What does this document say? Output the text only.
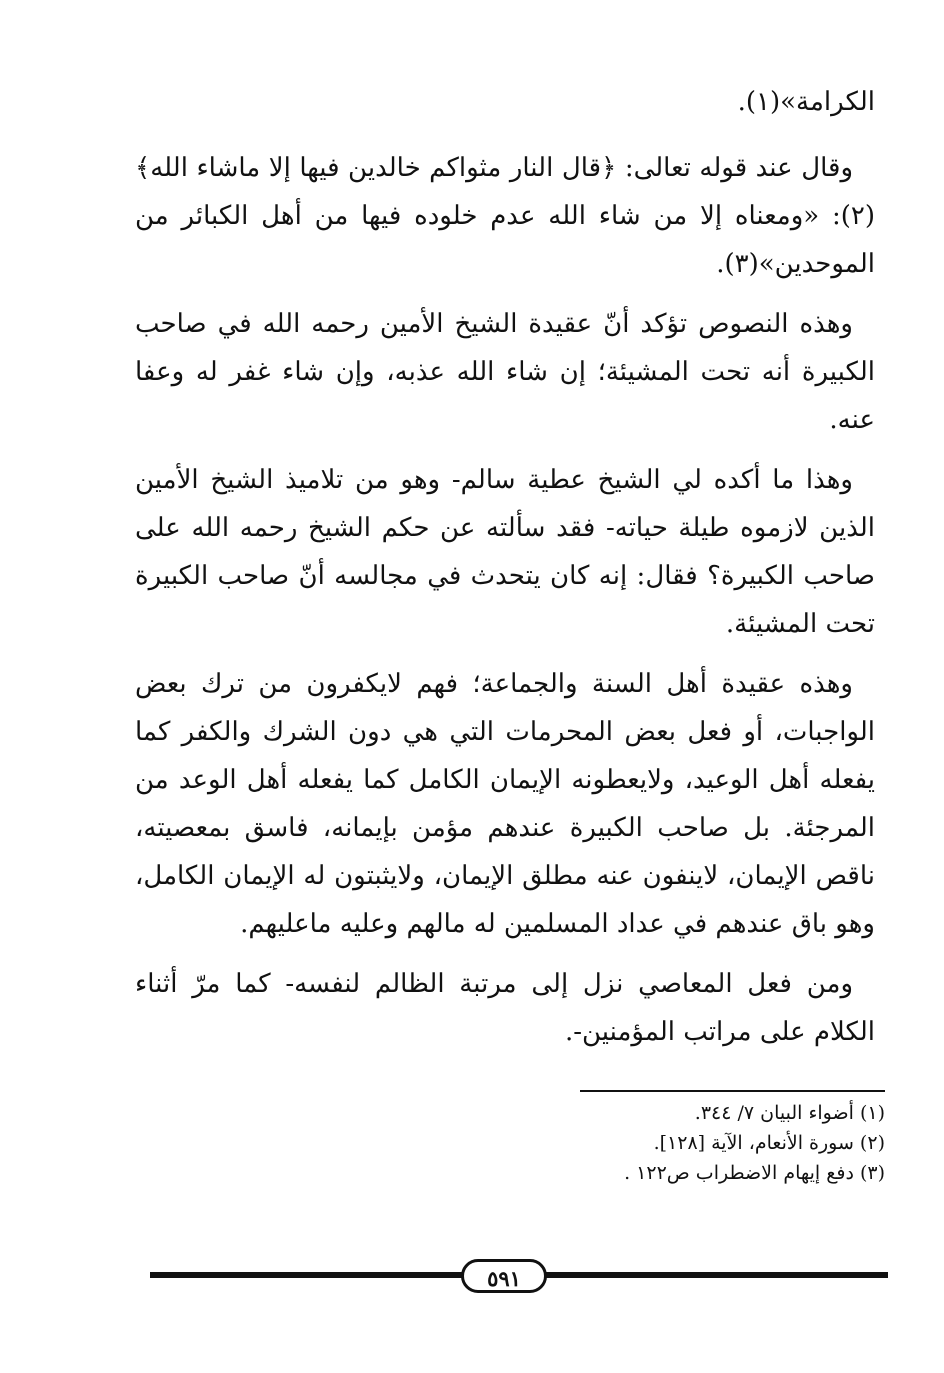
الكرامة»(١).

وقال عند قوله تعالى: ﴿قال النار مثواكم خالدين فيها إلا ماشاء الله﴾(٢): «ومعناه إلا من شاء الله عدم خلوده فيها من أهل الكبائر من الموحدين»(٣).

وهذه النصوص تؤكد أنّ عقيدة الشيخ الأمين رحمه الله في صاحب الكبيرة أنه تحت المشيئة؛ إن شاء الله عذبه، وإن شاء غفر له وعفا عنه.

وهذا ما أكده لي الشيخ عطية سالم- وهو من تلاميذ الشيخ الأمين الذين لازموه طيلة حياته- فقد سألته عن حكم الشيخ رحمه الله على صاحب الكبيرة؟ فقال: إنه كان يتحدث في مجالسه أنّ صاحب الكبيرة تحت المشيئة.

وهذه عقيدة أهل السنة والجماعة؛ فهم لايكفرون من ترك بعض الواجبات، أو فعل بعض المحرمات التي هي دون الشرك والكفر كما يفعله أهل الوعيد، ولايعطونه الإيمان الكامل كما يفعله أهل الوعد من المرجئة. بل صاحب الكبيرة عندهم مؤمن بإيمانه، فاسق بمعصيته، ناقص الإيمان، لاينفون عنه مطلق الإيمان، ولايثبتون له الإيمان الكامل، وهو باق عندهم في عداد المسلمين له مالهم وعليه ماعليهم.

ومن فعل المعاصي نزل إلى مرتبة الظالم لنفسه- كما مرّ أثناء الكلام على مراتب المؤمنين-.

(١) أضواء البيان ٧/ ٣٤٤.

(٢) سورة الأنعام، الآية [١٢٨].

(٣) دفع إيهام الاضطراب ص١٢٢ .

٥٩١
